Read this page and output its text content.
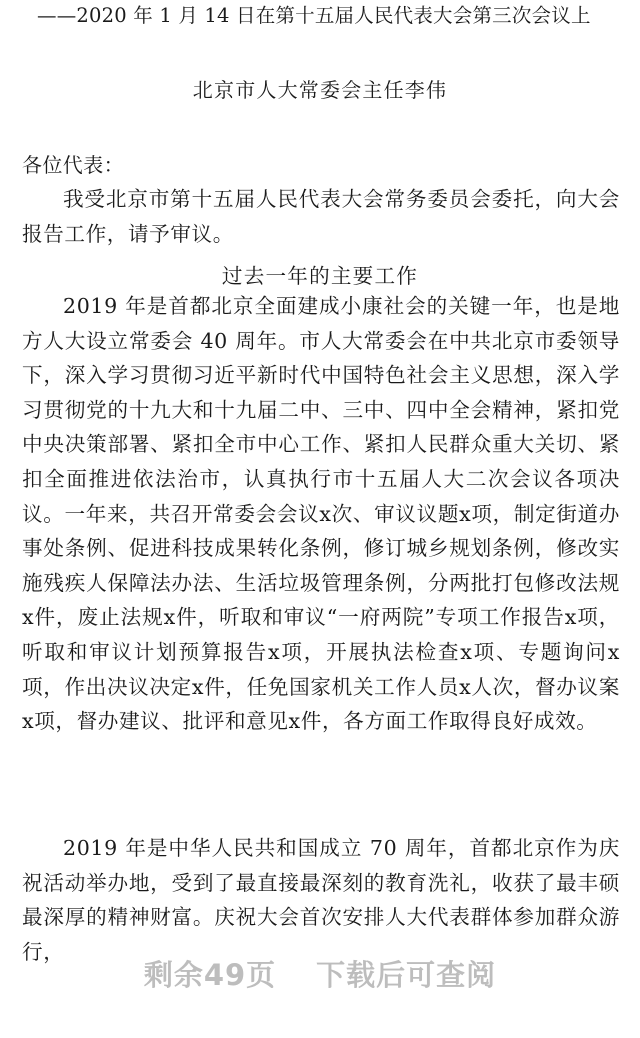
——2020 年 1 月 14 日在第十五届人民代表大会第三次会议上
北京市人大常委会主任李伟
各位代表：
我受北京市第十五届人民代表大会常务委员会委托，向大会报告工作，请予审议。
过去一年的主要工作
2019 年是首都北京全面建成小康社会的关键一年，也是地方人大设立常委会 40 周年。市人大常委会在中共北京市委领导下，深入学习贯彻习近平新时代中国特色社会主义思想，深入学习贯彻党的十九大和十九届二中、三中、四中全会精神，紧扣党中央决策部署、紧扣全市中心工作、紧扣人民群众重大关切、紧扣全面推进依法治市，认真执行市十五届人大二次会议各项决议。一年来，共召开常委会会议x次、审议议题x项，制定街道办事处条例、促进科技成果转化条例，修订城乡规划条例，修改实施残疾人保障法办法、生活垃圾管理条例，分两批打包修改法规x件，废止法规x件，听取和审议“一府两院”专项工作报告x项，听取和审议计划预算报告x项，开展执法检查x项、专题询问x项，作出决议决定x件，任免国家机关工作人员x人次，督办议案x项，督办建议、批评和意见x件，各方面工作取得良好成效。
2019 年是中华人民共和国成立 70 周年，首都北京作为庆祝活动举办地，受到了最直接最深刻的教育洗礼，收获了最丰硕最深厚的精神财富。庆祝大会首次安排人大代表群体参加群众游行，
剩余49页 下载后可查阅
